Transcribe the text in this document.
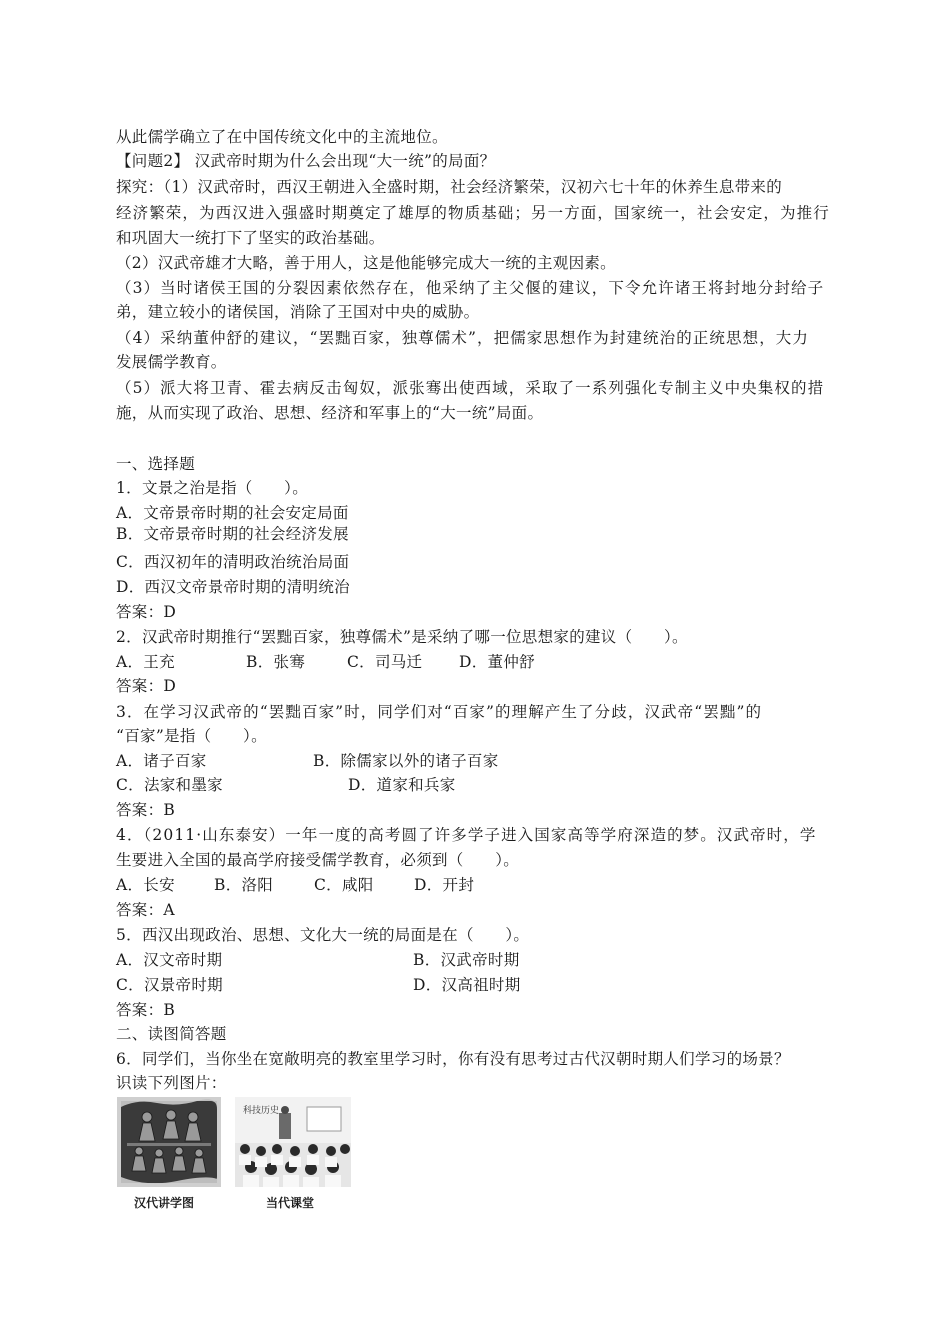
从此儒学确立了在中国传统文化中的主流地位。
【问题2】 汉武帝时期为什么会出现“大一统”的局面？
探究：（1）汉武帝时，西汉王朝进入全盛时期，社会经济繁荣，汉初六七十年的休养生息带来的
经济繁荣，为西汉进入强盛时期奠定了雄厚的物质基础；另一方面，国家统一，社会安定，为推行
和巩固大一统打下了坚实的政治基础。
（2）汉武帝雄才大略，善于用人，这是他能够完成大一统的主观因素。
（3）当时诸侯王国的分裂因素依然存在，他采纳了主父偃的建议，下令允许诸王将封地分封给子
弟，建立较小的诸侯国，消除了王国对中央的威胁。
（4）采纳董仲舒的建议，“罢黜百家，独尊儒术”，把儒家思想作为封建统治的正统思想，大力
发展儒学教育。
（5）派大将卫青、霍去病反击匈奴，派张骞出使西域，采取了一系列强化专制主义中央集权的措
施，从而实现了政治、思想、经济和军事上的“大一统”局面。
一、选择题
1．文景之治是指（　　）。
A．文帝景帝时期的社会安定局面
B．文帝景帝时期的社会经济发展
C．西汉初年的清明政治统治局面
D．西汉文帝景帝时期的清明统治
答案：D
2．汉武帝时期推行“罢黜百家，独尊儒术”是采纳了哪一位思想家的建议（　　）。
A．王充	B．张骞	C．司马迁 D．董仲舒
答案：D
3．在学习汉武帝的“罢黜百家”时，同学们对“百家”的理解产生了分歧，汉武帝“罢黜”的
“百家”是指（　　）。
A．诸子百家	B．除儒家以外的诸子百家
C．法家和墨家	D．道家和兵家
答案：B
4．（2011·山东泰安）一年一度的高考圆了许多学子进入国家高等学府深造的梦。汉武帝时，学
生要进入全国的最高学府接受儒学教育，必须到（　　）。
A．长安	B．洛阳	C．咸阳	D．开封
答案：A
5．西汉出现政治、思想、文化大一统的局面是在（　　）。
A．汉文帝时期	B．汉武帝时期
C．汉景帝时期	D．汉高祖时期
答案：B
二、读图简答题
6．同学们，当你坐在宽敞明亮的教室里学习时，你有没有思考过古代汉朝时期人们学习的场景？
识读下列图片：
汉代讲学图
科技历史
当代课堂
